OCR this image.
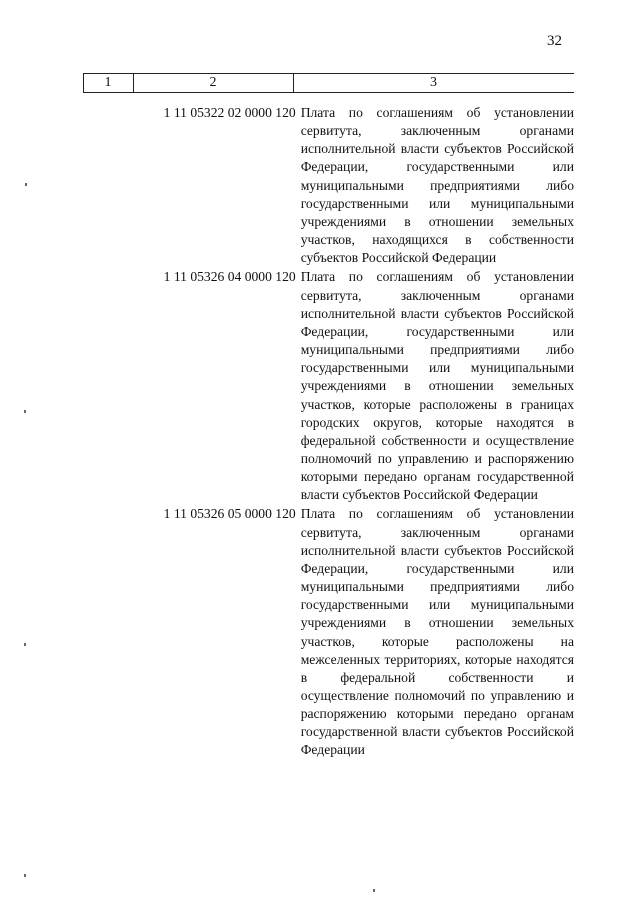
32
1	2	3
1 11 05322 02 0000 120 Плата по соглашениям об установлении сервитута, заключенным органами исполнительной власти субъектов Российской Федерации, государственными или муниципальными предприятиями либо государственными или муниципальными учреждениями в отношении земельных участков, находящихся в собственности субъектов Российской Федерации
1 11 05326 04 0000 120 Плата по соглашениям об установлении сервитута, заключенным органами исполнительной власти субъектов Российской Федерации, государственными или муниципальными предприятиями либо государственными или муниципальными учреждениями в отношении земельных участков, которые расположены в границах городских округов, которые находятся в федеральной собственности и осуществление полномочий по управлению и распоряжению которыми передано органам государственной власти субъектов Российской Федерации
1 11 05326 05 0000 120 Плата по соглашениям об установлении сервитута, заключенным органами исполнительной власти субъектов Российской Федерации, государственными или муниципальными предприятиями либо государственными или муниципальными учреждениями в отношении земельных участков, которые расположены на межселенных территориях, которые находятся в федеральной собственности и осуществление полномочий по управлению и распоряжению которыми передано органам государственной власти субъектов Российской Федерации
